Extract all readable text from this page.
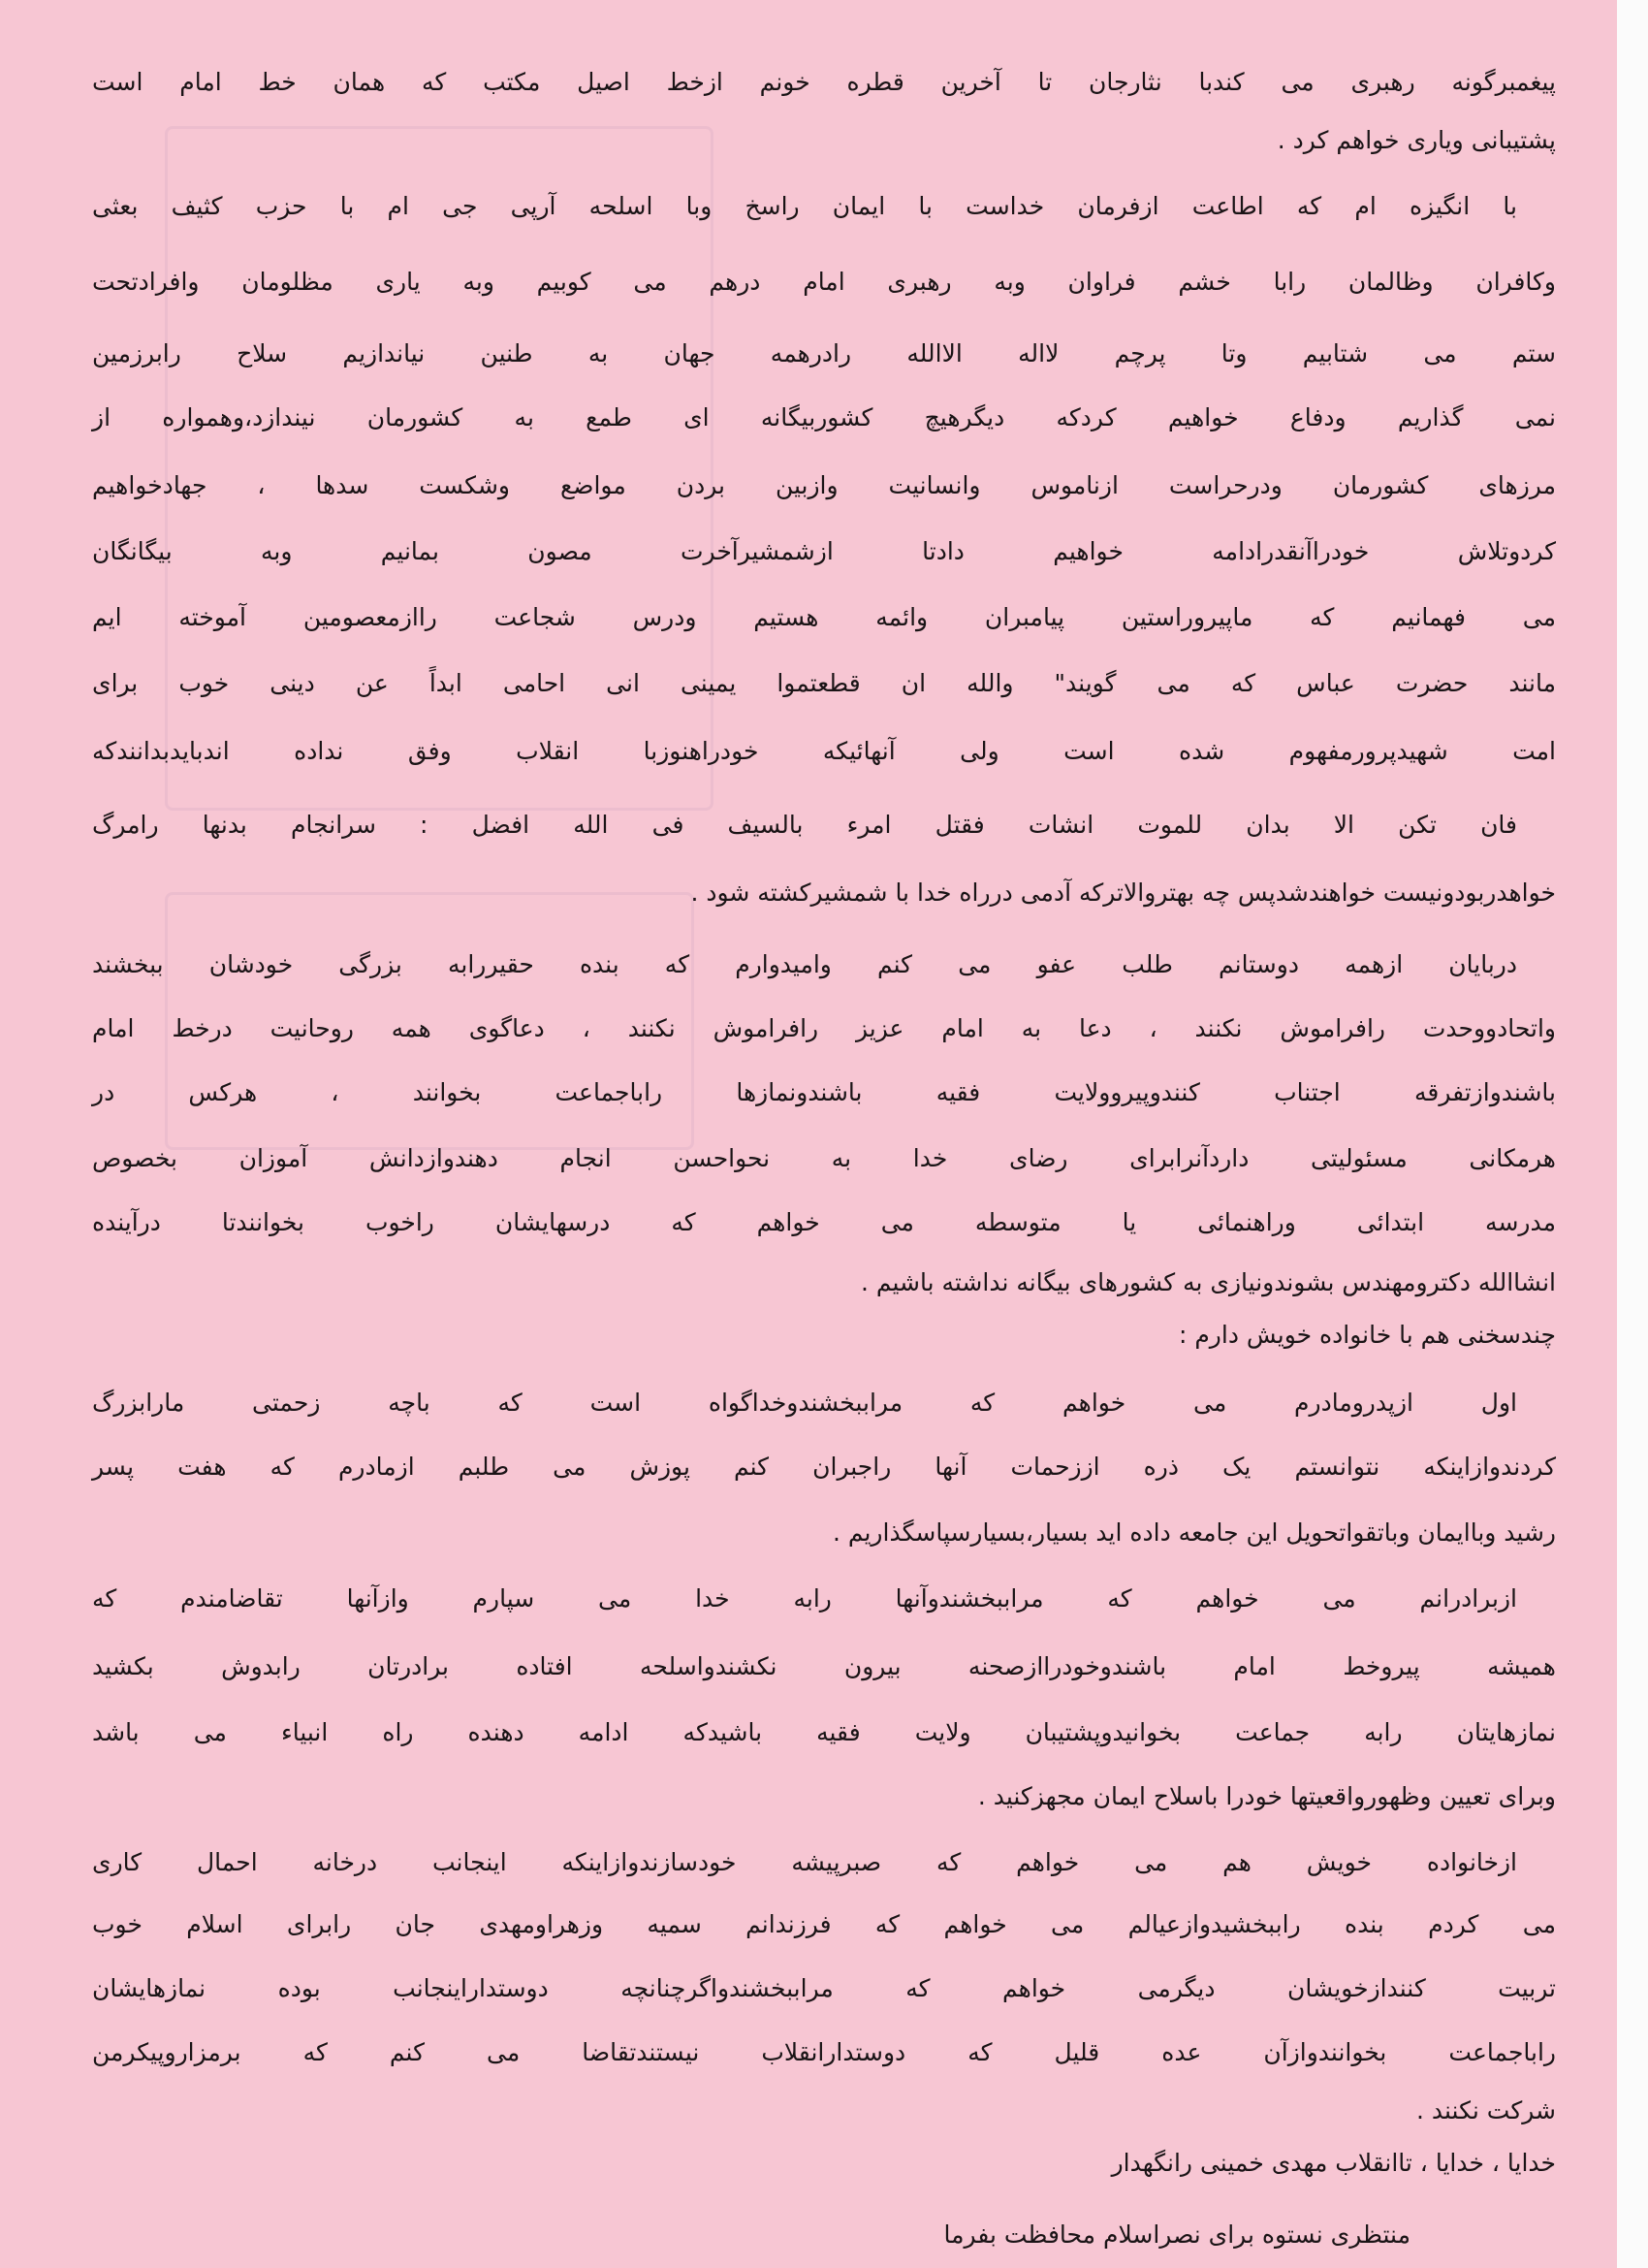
پیغمبرگونه رهبری می کندبا نثارجان تا آخرین قطره خونم ازخط اصیل مکتب که همان خط امام است
پشتیبانی ویاری خواهم کرد .
با انگیزه ام که اطاعت ازفرمان خداست با ایمان راسخ وبا اسلحه آرپی جی ام با حزب کثیف بعثی
وکافران وظالمان رابا خشم فراوان وبه رهبری امام درهم می کوبیم وبه یاری مظلومان وافرادتحت
ستم می شتابیم وتا پرچم لااله الاالله رادرهمه جهان به طنین نیاندازیم سلاح رابرزمین
نمی گذاریم ودفاع خواهیم کردکه دیگرهیچ کشوربیگانه ای طمع به کشورمان نیندازد،وهمواره از
مرزهای کشورمان ودرحراست ازناموس وانسانیت وازبین بردن مواضع وشکست سدها ، جهادخواهیم
کردوتلاش خودراآنقدرادامه خواهیم دادتا ازشمشیرآخرت مصون بمانیم وبه بیگانگان
می فهمانیم که ماپیروراستین پیامبران وائمه هستیم ودرس شجاعت راازمعصومین آموخته ایم
مانند حضرت عباس که می گویند" والله ان قطعتموا یمینی انی احامی ابداً عن دینی خوب برای
امت شهیدپرورمفهوم شده است ولی آنهائیکه خودراهنوزبا انقلاب وفق نداده اندبایدبدانندکه
فان تکن الا بدان للموت انشات فقتل امرء بالسیف فی الله افضل : سرانجام بدنها رامرگ
خواهدربودونیست خواهندشدپس چه بهتروالاترکه آدمی درراه خدا با شمشیرکشته شود .
دربایان ازهمه دوستانم طلب عفو می کنم وامیدوارم که بنده حقیررابه بزرگی خودشان ببخشند
واتحادووحدت رافراموش نکنند ، دعا به امام عزیز رافراموش نکنند ، دعاگوی همه روحانیت درخط امام
باشندوازتفرقه اجتناب کنندوپیروولایت فقیه باشندونمازها راباجماعت بخوانند ، هرکس در
هرمکانی مسئولیتی داردآنرابرای رضای خدا به نحواحسن انجام دهندوازدانش آموزان بخصوص
مدرسه ابتدائی وراهنمائی یا متوسطه می خواهم که درسهایشان راخوب بخوانندتا درآینده
انشاالله دکترومهندس بشوندونیازی به کشورهای بیگانه نداشته باشیم .
چندسخنی هم با خانواده خویش دارم :
اول ازپدرومادرم می خواهم که مراببخشندوخداگواه است که باچه زحمتی مارابزرگ
کردندوازاینکه نتوانستم یک ذره اززحمات آنها راجبران کنم پوزش می طلبم ازمادرم که هفت پسر
رشید وباایمان وباتقواتحویل این جامعه داده اید بسیار،بسیارسپاسگذاریم .
ازبرادرانم می خواهم که مراببخشندوآنها رابه خدا می سپارم وازآنها تقاضامندم که
همیشه پیروخط امام باشندوخودراازصحنه بیرون نکشندواسلحه افتاده برادرتان رابدوش بکشید
نمازهایتان رابه جماعت بخوانیدوپشتیبان ولایت فقیه باشیدکه ادامه دهنده راه انبیاء می باشد
وبرای تعیین وظهورواقعیتها خودرا باسلاح ایمان مجهزکنید .
ازخانواده خویش هم می خواهم که صبرپیشه خودسازندوازاینکه اینجانب درخانه احمال کاری
می کردم بنده راببخشیدوازعیالم می خواهم که فرزندانم سمیه وزهراومهدی جان رابرای اسلام خوب
تربیت کنندازخویشان دیگرمی خواهم که مراببخشندواگرچنانچه دوستداراینجانب بوده نمازهایشان
راباجماعت بخوانندوازآن عده قلیل که دوستدارانقلاب نیستندتقاضا می کنم که برمزاروپیکرمن
شرکت نکنند .
خدایا ، خدایا ، تاانقلاب مهدی خمینی رانگهدار
منتظری نستوه برای نصراسلام محافظت بفرما
